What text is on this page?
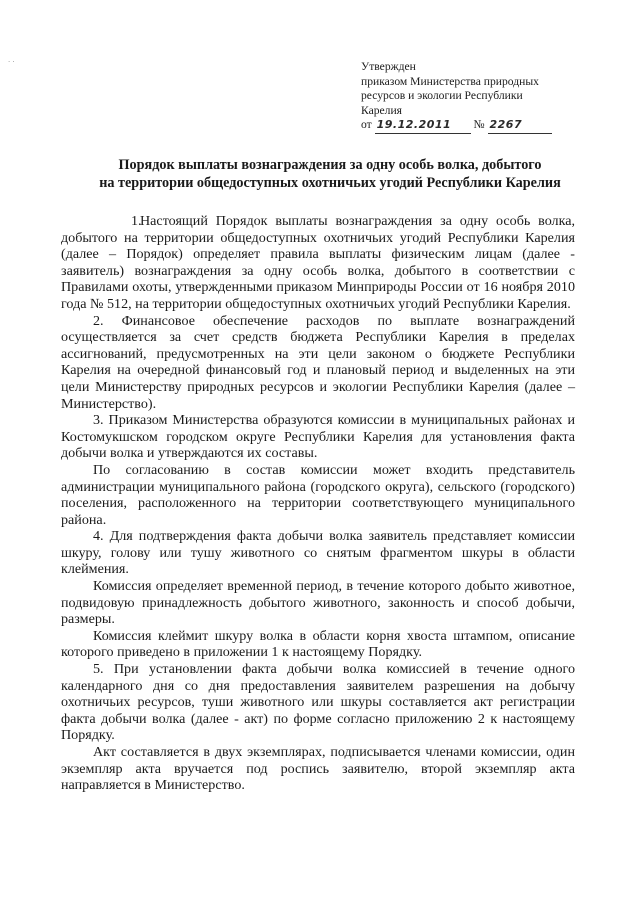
· ·	Утвержден
приказом Министерства природных
ресурсов и экологии Республики
Карелия
от 19.12.2011 № 2267
Порядок выплаты вознаграждения за одну особь волка, добытого
на территории общедоступных охотничьих угодий Республики Карелия

1.Настоящий Порядок выплаты вознаграждения за одну особь волка, добытого на территории общедоступных охотничьих угодий Республики Карелия (далее – Порядок) определяет правила выплаты физическим лицам (далее - заявитель) вознаграждения за одну особь волка, добытого в соответствии с Правилами охоты, утвержденными приказом Минприроды России от 16 ноября 2010 года № 512, на территории общедоступных охотничьих угодий Республики Карелия.

2. Финансовое обеспечение расходов по выплате вознаграждений осуществляется за счет средств бюджета Республики Карелия в пределах ассигнований, предусмотренных на эти цели законом о бюджете Республики Карелия на очередной финансовый год и плановый период и выделенных на эти цели Министерству природных ресурсов и экологии Республики Карелия (далее – Министерство).

3. Приказом Министерства образуются комиссии в муниципальных районах и Костомукшском городском округе Республики Карелия для установления факта добычи волка и утверждаются их составы.

По согласованию в состав комиссии может входить представитель администрации муниципального района (городского округа), сельского (городского) поселения, расположенного на территории соответствующего муниципального района.

4. Для подтверждения факта добычи волка заявитель представляет комиссии шкуру, голову или тушу животного со снятым фрагментом шкуры в области клеймения.

Комиссия определяет временной период, в течение которого добыто животное, подвидовую принадлежность добытого животного, законность и способ добычи, размеры.

Комиссия клеймит шкуру волка в области корня хвоста штампом, описание которого приведено в приложении 1 к настоящему Порядку.

5. При установлении факта добычи волка комиссией в течение одного календарного дня со дня предоставления заявителем разрешения на добычу охотничьих ресурсов, туши животного или шкуры составляется акт регистрации факта добычи волка (далее - акт) по форме согласно приложению 2 к настоящему Порядку.

Акт составляется в двух экземплярах, подписывается членами комиссии, один экземпляр акта вручается под роспись заявителю, второй экземпляр акта направляется в Министерство.
